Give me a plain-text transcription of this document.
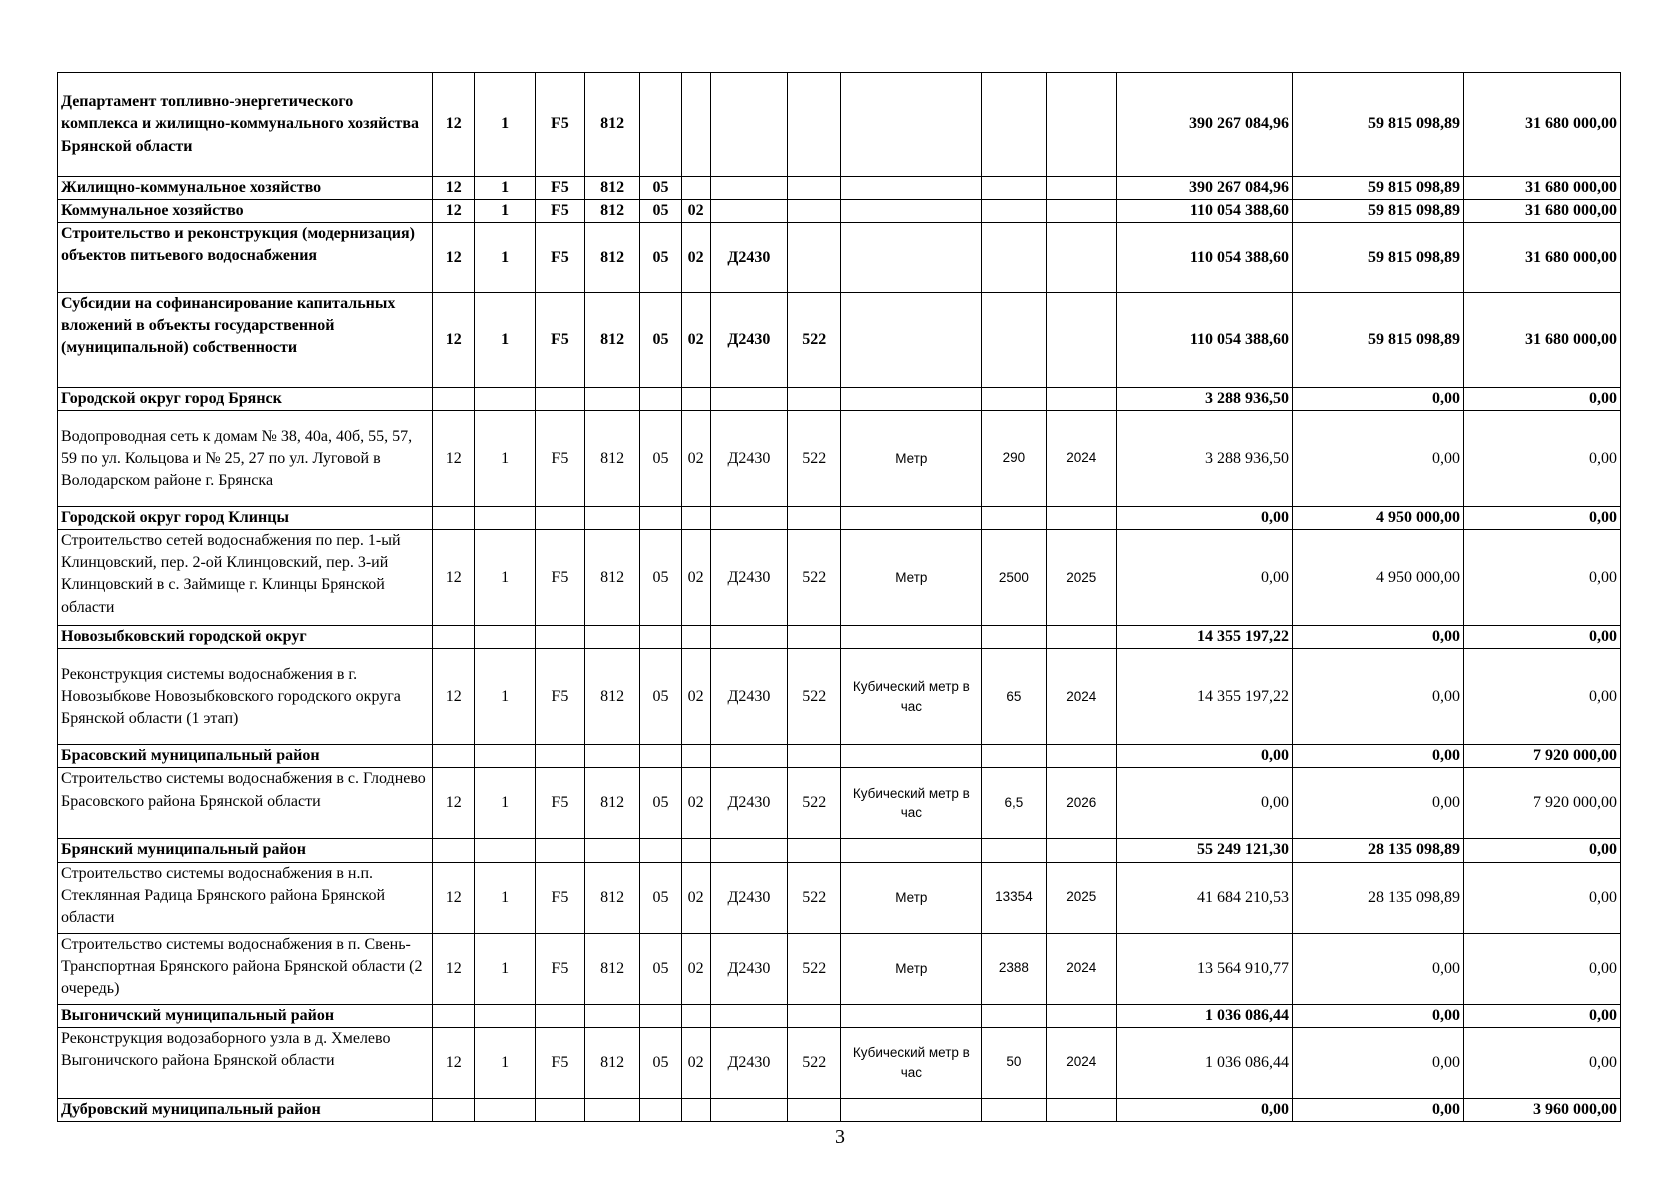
Департамент топливно-энергетического комплекса и жилищно-коммунального хозяйства Брянской области	12	1	F5	812								390 267 084,96	59 815 098,89	31 680 000,00
Жилищно-коммунальное хозяйство	12	1	F5	812	05							390 267 084,96	59 815 098,89	31 680 000,00
Коммунальное хозяйство	12	1	F5	812	05	02						110 054 388,60	59 815 098,89	31 680 000,00
Строительство и реконструкция (модернизация) объектов питьевого водоснабжения	12	1	F5	812	05	02	Д2430					110 054 388,60	59 815 098,89	31 680 000,00
Субсидии на софинансирование капитальных вложений в объекты государственной (муниципальной) собственности	12	1	F5	812	05	02	Д2430	522				110 054 388,60	59 815 098,89	31 680 000,00
Городской округ город Брянск												3 288 936,50	0,00	0,00
Водопроводная сеть к домам № 38, 40а, 40б, 55, 57, 59 по ул. Кольцова и № 25, 27 по ул. Луговой в Володарском районе г. Брянска	12	1	F5	812	05	02	Д2430	522	Метр	290	2024	3 288 936,50	0,00	0,00
Городской округ город Клинцы												0,00	4 950 000,00	0,00
Строительство сетей водоснабжения по пер. 1-ый Клинцовский, пер. 2-ой Клинцовский, пер. 3-ий Клинцовский в с. Займище г. Клинцы Брянской области	12	1	F5	812	05	02	Д2430	522	Метр	2500	2025	0,00	4 950 000,00	0,00
Новозыбковский городской округ												14 355 197,22	0,00	0,00
Реконструкция системы водоснабжения в г. Новозыбкове Новозыбковского городского округа Брянской области (1 этап)	12	1	F5	812	05	02	Д2430	522	Кубический метр в час	65	2024	14 355 197,22	0,00	0,00
Брасовский муниципальный район												0,00	0,00	7 920 000,00
Строительство системы водоснабжения в с. Глоднево Брасовского района Брянской области	12	1	F5	812	05	02	Д2430	522	Кубический метр в час	6,5	2026	0,00	0,00	7 920 000,00
Брянский муниципальный район												55 249 121,30	28 135 098,89	0,00
Строительство системы водоснабжения в н.п. Стеклянная Радица Брянского района Брянской области	12	1	F5	812	05	02	Д2430	522	Метр	13354	2025	41 684 210,53	28 135 098,89	0,00
Строительство системы водоснабжения в п. Свень-Транспортная Брянского района Брянской области (2 очередь)	12	1	F5	812	05	02	Д2430	522	Метр	2388	2024	13 564 910,77	0,00	0,00
Выгоничский муниципальный район												1 036 086,44	0,00	0,00
Реконструкция водозаборного узла в д. Хмелево Выгоничского района Брянской области	12	1	F5	812	05	02	Д2430	522	Кубический метр в час	50	2024	1 036 086,44	0,00	0,00
Дубровский муниципальный район												0,00	0,00	3 960 000,00
3
